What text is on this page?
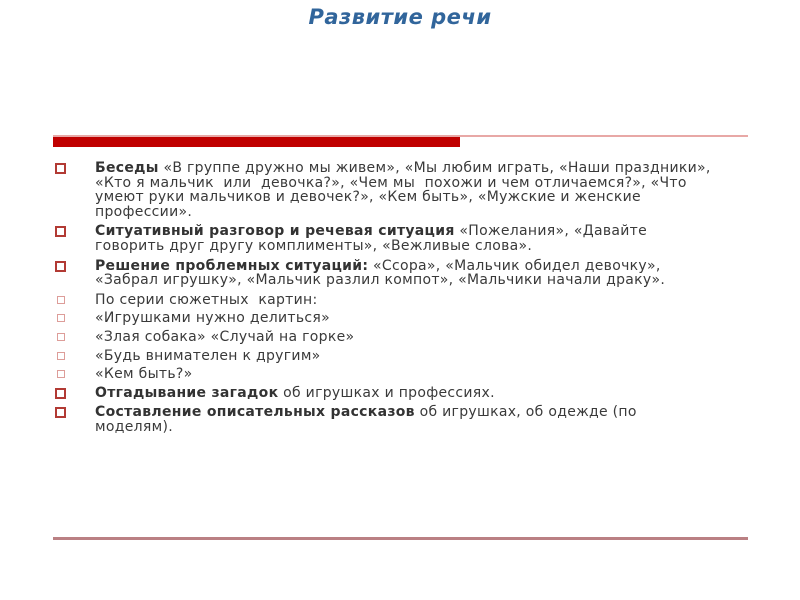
Развитие речи
Беседы «В группе дружно мы живем», «Мы любим играть, «Наши праздники», «Кто я мальчик  или  девочка?», «Чем мы  похожи и чем отличаемся?», «Что  умеют руки мальчиков и девочек?», «Кем быть», «Мужские и женские профессии».
Ситуативный разговор и речевая ситуация «Пожелания», «Давайте говорить друг другу комплименты», «Вежливые слова».
Решение проблемных ситуаций: «Ссора», «Мальчик обидел девочку», «Забрал игрушку», «Мальчик разлил компот», «Мальчики начали драку».
По серии сюжетных  картин:
«Игрушками нужно делиться»
«Злая собака» «Случай на горке»
«Будь внимателен к другим»
«Кем быть?»
Отгадывание загадок об игрушках и профессиях.
Составление описательных рассказов об игрушках, об одежде (по моделям).
